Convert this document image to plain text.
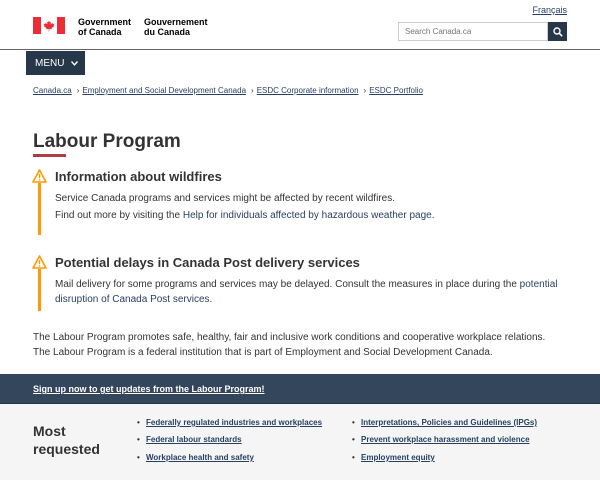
Français
Government
of Canada
Gouvernement
du Canada
Search Canada.ca
MENU
Canada.ca › Employment and Social Development Canada › ESDC Corporate information › ESDC Portfolio
Labour Program
Information about wildfires

Service Canada programs and services might be affected by recent wildfires.

Find out more by visiting the Help for individuals affected by hazardous weather page.

Potential delays in Canada Post delivery services

Mail delivery for some programs and services may be delayed. Consult the measures in place during the potential disruption of Canada Post services.

The Labour Program promotes safe, healthy, fair and inclusive work conditions and cooperative workplace relations. The Labour Program is a federal institution that is part of Employment and Social Development Canada.

Sign up now to get updates from the Labour Program!
Most
requested
• Federally regulated industries and workplaces
• Federal labour standards
• Workplace health and safety
• Interpretations, Policies and Guidelines (IPGs)
• Prevent workplace harassment and violence
• Employment equity
